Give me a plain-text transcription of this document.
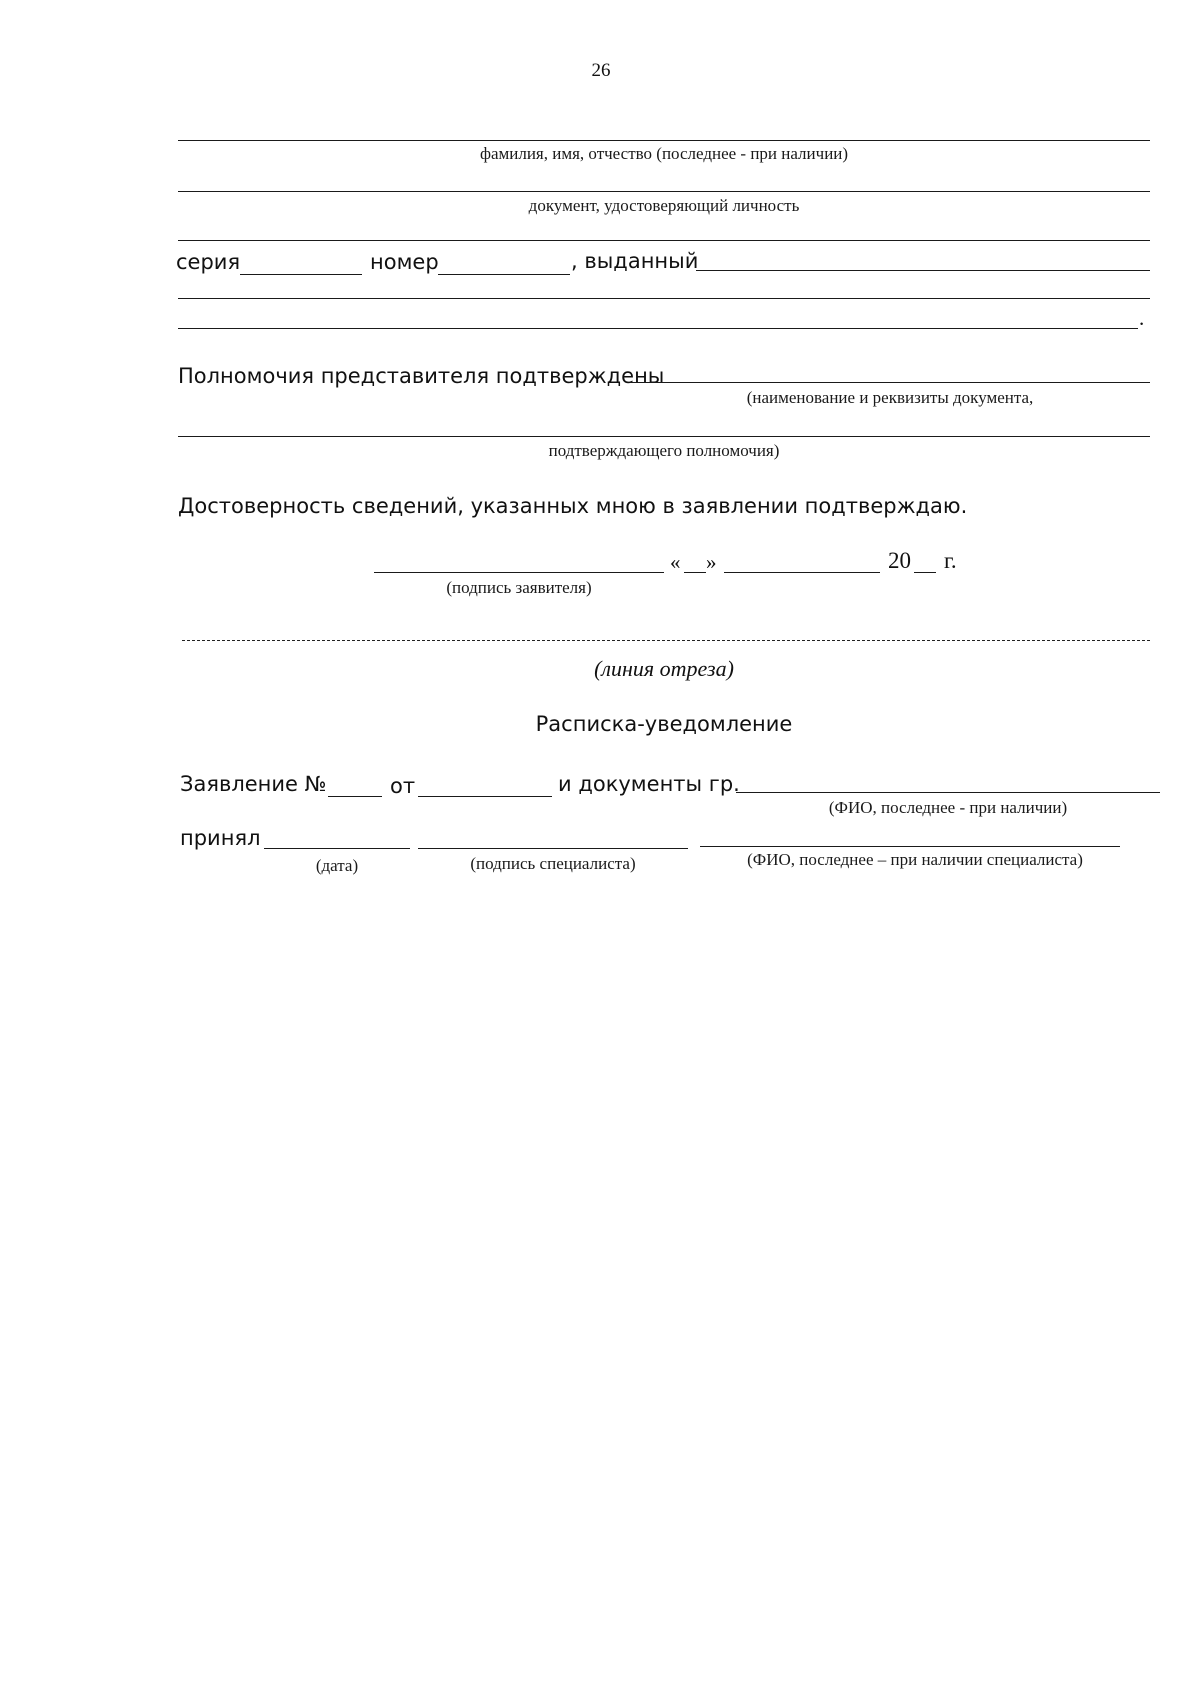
26
фамилия, имя, отчество (последнее - при наличии)
документ, удостоверяющий личность
серия	номер	, выданный
.
Полномочия представителя подтверждены
(наименование и реквизиты документа,
подтверждающего полномочия)
Достоверность сведений, указанных мною в заявлении подтверждаю.
« »	20 г.
(подпись заявителя)
(линия отреза)
Расписка-уведомление
Заявление №	от	и документы гр.
(ФИО, последнее - при наличии)
принял
(дата)	(подпись специалиста)	(ФИО, последнее – при наличии специалиста)
